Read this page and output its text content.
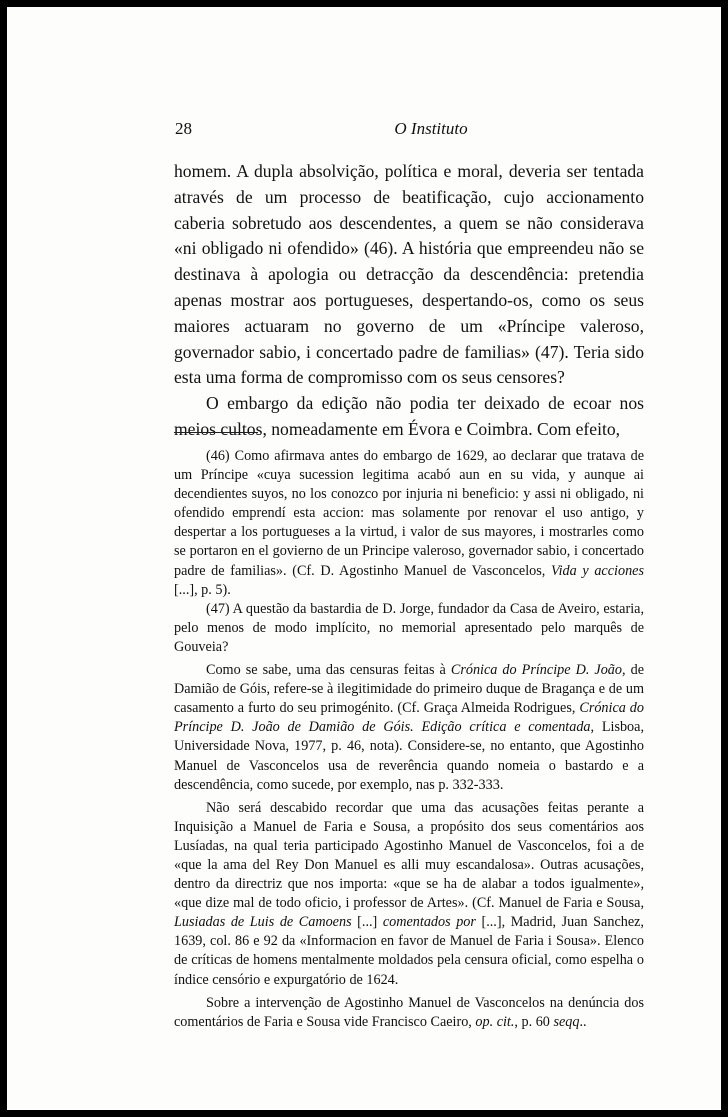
28	O Instituto

homem. A dupla absolvição, política e moral, deveria ser tentada através de um processo de beatificação, cujo accionamento caberia sobretudo aos descendentes, a quem se não considerava «ni obligado ni ofendido» (46). A história que empreendeu não se destinava à apologia ou detracção da descendência: pretendia apenas mostrar aos portugueses, despertando-os, como os seus maiores actuaram no governo de um «Príncipe valeroso, governador sabio, i concertado padre de familias» (47). Teria sido esta uma forma de compromisso com os seus censores?

O embargo da edição não podia ter deixado de ecoar nos meios cultos, nomeadamente em Évora e Coimbra. Com efeito,

(46) Como afirmava antes do embargo de 1629, ao declarar que tratava de um Príncipe «cuya sucession legitima acabó aun en su vida, y aunque ai decendientes suyos, no los conozco por injuria ni beneficio: y assi ni obligado, ni ofendido emprendí esta accion: mas solamente por renovar el uso antigo, y despertar a los portugueses a la virtud, i valor de sus mayores, i mostrarles como se portaron en el govierno de un Principe valeroso, governador sabio, i concertado padre de familias». (Cf. D. Agostinho Manuel de Vasconcelos, Vida y acciones [...], p. 5).

(47) A questão da bastardia de D. Jorge, fundador da Casa de Aveiro, estaria, pelo menos de modo implícito, no memorial apresentado pelo marquês de Gouveia?

Como se sabe, uma das censuras feitas à Crónica do Príncipe D. João, de Damião de Góis, refere-se à ilegitimidade do primeiro duque de Bragança e de um casamento a furto do seu primogénito. (Cf. Graça Almeida Rodrigues, Crónica do Príncipe D. João de Damião de Góis. Edição crítica e comentada, Lisboa, Universidade Nova, 1977, p. 46, nota). Considere-se, no entanto, que Agostinho Manuel de Vasconcelos usa de reverência quando nomeia o bastardo e a descendência, como sucede, por exemplo, nas p. 332-333.

Não será descabido recordar que uma das acusações feitas perante a Inquisição a Manuel de Faria e Sousa, a propósito dos seus comentários aos Lusíadas, na qual teria participado Agostinho Manuel de Vasconcelos, foi a de «que la ama del Rey Don Manuel es alli muy escandalosa». Outras acusações, dentro da directriz que nos importa: «que se ha de alabar a todos igualmente», «que dize mal de todo oficio, i professor de Artes». (Cf. Manuel de Faria e Sousa, Lusiadas de Luis de Camoens [...] comentados por [...], Madrid, Juan Sanchez, 1639, col. 86 e 92 da «Informacion en favor de Manuel de Faria i Sousa». Elenco de críticas de homens mentalmente moldados pela censura oficial, como espelha o índice censório e expurgatório de 1624.

Sobre a intervenção de Agostinho Manuel de Vasconcelos na denúncia dos comentários de Faria e Sousa vide Francisco Caeiro, op. cit., p. 60 seqq..
